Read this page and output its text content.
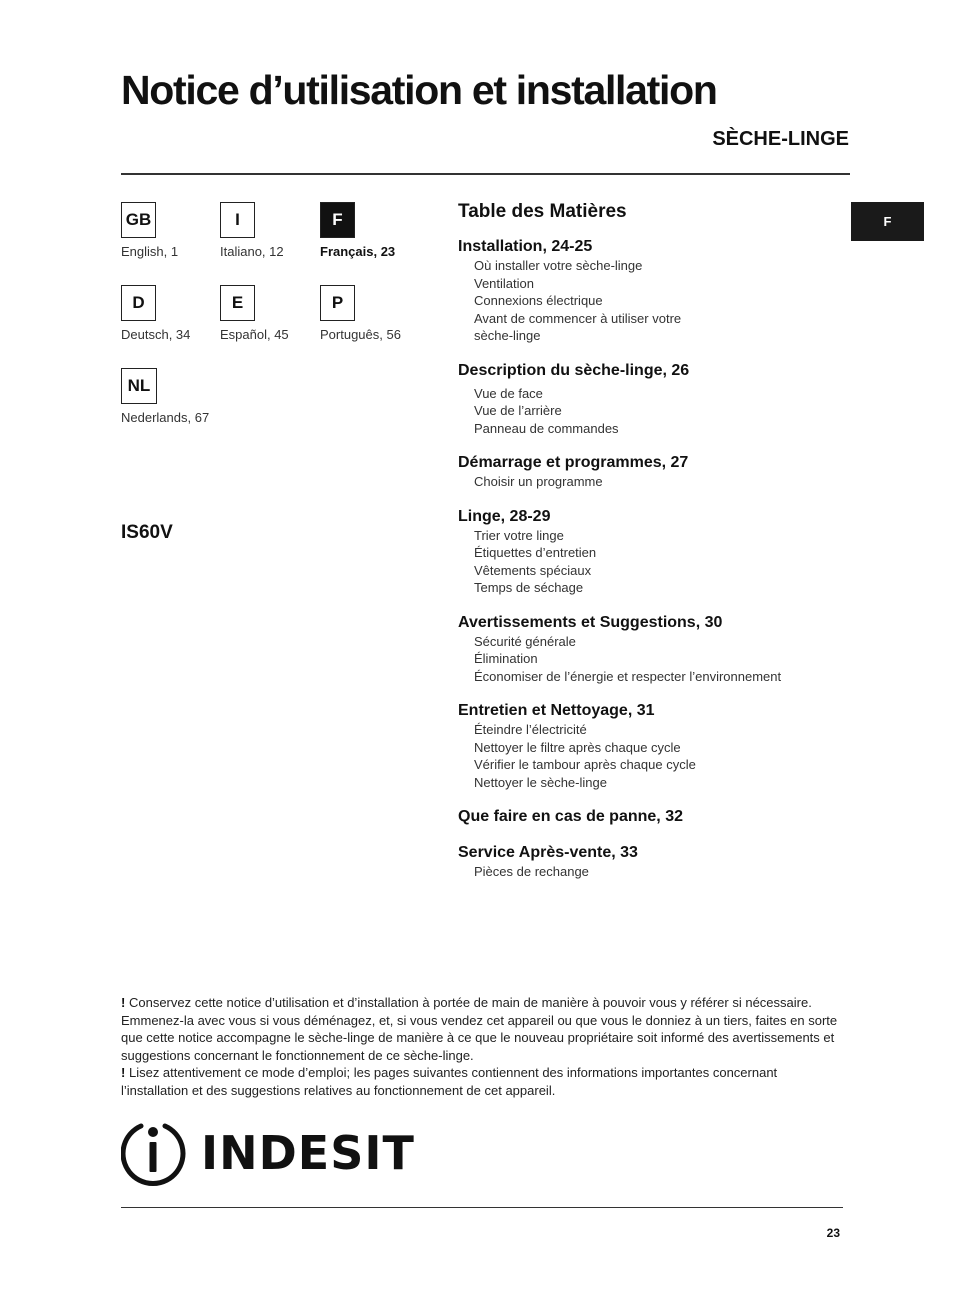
Notice d’utilisation et installation
SÈCHE-LINGE
F
GB
English, 1
I
Italiano, 12
F
Français, 23
D
Deutsch, 34
E
Español, 45
P
Português, 56
NL
Nederlands, 67
IS60V
Table des Matières
Installation, 24-25
Où installer votre sèche-linge
Ventilation
Connexions électrique
Avant de commencer à utiliser votre
sèche-linge
Description du sèche-linge, 26
Vue de face
Vue de l’arrière
Panneau de commandes
Démarrage et programmes, 27
Choisir un programme
Linge, 28-29
Trier votre linge
Étiquettes d’entretien
Vêtements spéciaux
Temps de séchage
Avertissements et Suggestions, 30
Sécurité générale
Élimination
Économiser de l’énergie et respecter l’environnement
Entretien et Nettoyage, 31
Éteindre l’électricité
Nettoyer le filtre après chaque cycle
Vérifier le tambour après chaque cycle
Nettoyer le sèche-linge
Que faire en cas de panne, 32
Service Après-vente, 33
Pièces de rechange

! Conservez cette notice d’utilisation et d’installation à portée de main de manière à pouvoir vous y référer si nécessaire. Emmenez-la avec vous si vous déménagez, et, si vous vendez cet appareil ou que vous le donniez à un tiers, faites en sorte que cette notice accompagne le sèche-linge de manière à ce que le nouveau propriétaire soit informé des avertissements et suggestions concernant le fonctionnement de ce sèche-linge.

! Lisez attentivement ce mode d’emploi; les pages suivantes contiennent des informations importantes concernant l’installation et des suggestions relatives au fonctionnement de cet appareil.

INDESIT
23
